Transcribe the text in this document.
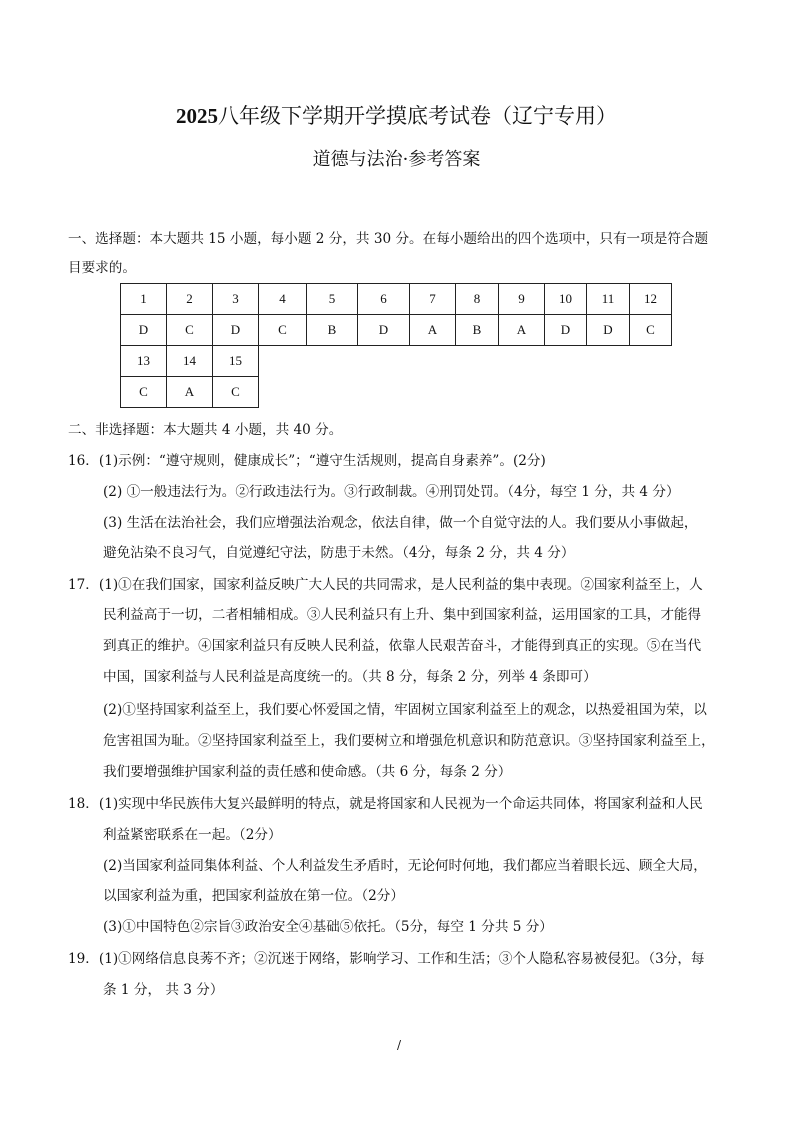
2025八年级下学期开学摸底考试卷（辽宁专用）
道德与法治·参考答案
一、选择题：本大题共 15 小题，每小题 2 分，共 30 分。在每小题给出的四个选项中，只有一项是符合题
目要求的。
1	2	3	4	5	6	7	8	9	10	11	12
D	C	D	C	B	D	A	B	A	D	D	C
13	14	15									
C	A	C									
二、非选择题：本大题共 4 小题，共 40 分。
16．(1)示例：“遵守规则，健康成长”；“遵守生活规则，提高自身素养”。(2分)
(2) ①一般违法行为。②行政违法行为。③行政制裁。④刑罚处罚。（4分，每空 1 分，共 4 分）
(3) 生活在法治社会，我们应增强法治观念，依法自律，做一个自觉守法的人。我们要从小事做起，
避免沾染不良习气，自觉遵纪守法，防患于未然。（4分，每条 2 分，共 4 分）
17．(1)①在我们国家，国家利益反映广大人民的共同需求，是人民利益的集中表现。②国家利益至上，人
民利益高于一切，二者相辅相成。③人民利益只有上升、集中到国家利益，运用国家的工具，才能得
到真正的维护。④国家利益只有反映人民利益，依靠人民艰苦奋斗，才能得到真正的实现。⑤在当代
中国，国家利益与人民利益是高度统一的。（共 8 分，每条 2 分，列举 4 条即可）
(2)①坚持国家利益至上，我们要心怀爱国之情，牢固树立国家利益至上的观念，以热爱祖国为荣，以
危害祖国为耻。②坚持国家利益至上，我们要树立和增强危机意识和防范意识。③坚持国家利益至上，
我们要增强维护国家利益的责任感和使命感。（共 6 分，每条 2 分）
18．(1)实现中华民族伟大复兴最鲜明的特点，就是将国家和人民视为一个命运共同体，将国家利益和人民
利益紧密联系在一起。（2分）
(2)当国家利益同集体利益、个人利益发生矛盾时，无论何时何地，我们都应当着眼长远、顾全大局，
以国家利益为重，把国家利益放在第一位。（2分）
(3)①中国特色②宗旨③政治安全④基础⑤依托。（5分，每空 1 分共 5 分）
19．(1)①网络信息良莠不齐；②沉迷于网络，影响学习、工作和生活；③个人隐私容易被侵犯。（3分，每
条 1 分， 共 3 分）
/
